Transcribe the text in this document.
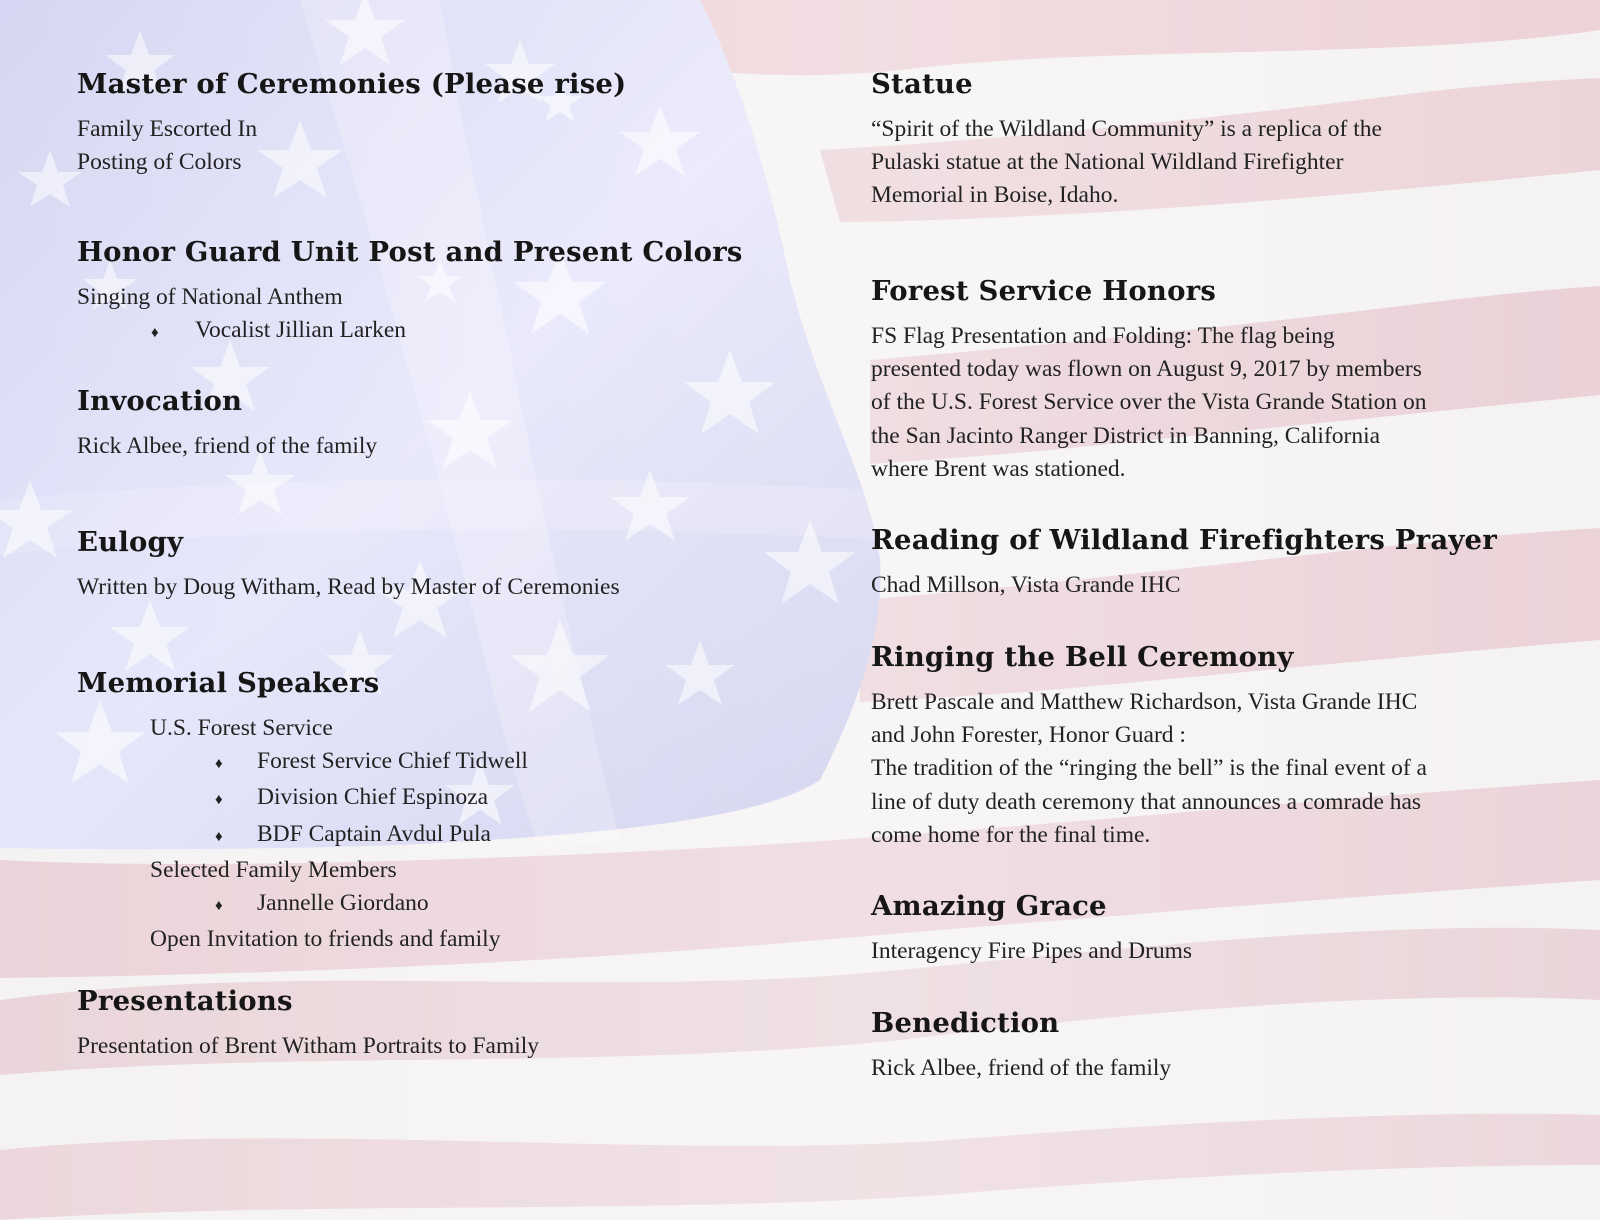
Master of Ceremonies (Please rise)

Family Escorted In

Posting of Colors

Honor Guard Unit Post and Present Colors

Singing of National Anthem

♦	Vocalist Jillian Larken

Invocation

Rick Albee, friend of the family

Eulogy

Written by Doug Witham, Read by Master of Ceremonies

Memorial Speakers

U.S. Forest Service

♦	Forest Service Chief Tidwell

♦	Division Chief Espinoza

♦	BDF Captain Avdul Pula

Selected Family Members

♦	Jannelle Giordano

Open Invitation to friends and family

Presentations

Presentation of Brent Witham Portraits to Family

Statue

“Spirit of the Wildland Community” is a replica of the

Pulaski statue at the National Wildland Firefighter

Memorial in Boise, Idaho.

Forest Service Honors

FS Flag Presentation and Folding: The flag being

presented today was flown on August 9, 2017 by members

of the U.S. Forest Service over the Vista Grande Station on

the San Jacinto Ranger District in Banning, California

where Brent was stationed.

Reading of Wildland Firefighters Prayer

Chad Millson, Vista Grande IHC

Ringing the Bell Ceremony

Brett Pascale and Matthew Richardson, Vista Grande IHC

and John Forester, Honor Guard :

The tradition of the “ringing the bell” is the final event of a

line of duty death ceremony that announces a comrade has

come home for the final time.

Amazing Grace

Interagency Fire Pipes and Drums

Benediction

Rick Albee, friend of the family
